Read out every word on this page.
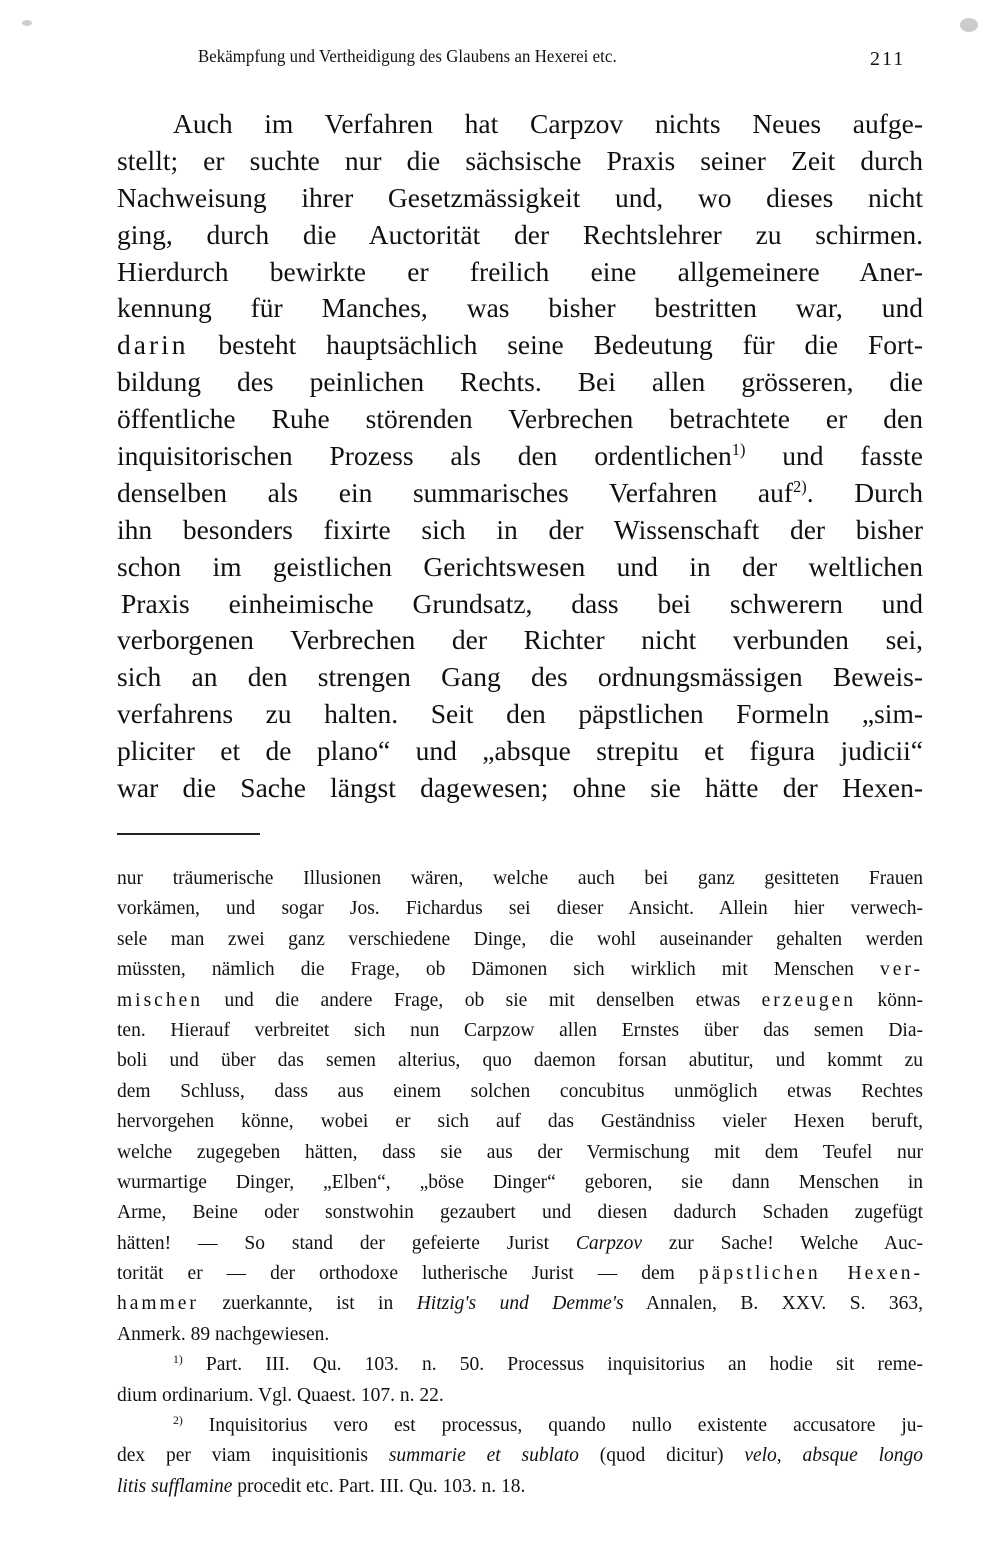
Bekämpfung und Vertheidigung des Glaubens an Hexerei etc.	211
Auch im Verfahren hat Carpzov nichts Neues aufge-
stellt; er suchte nur die sächsische Praxis seiner Zeit durch
Nachweisung ihrer Gesetzmässigkeit und, wo dieses nicht
ging, durch die Auctorität der Rechtslehrer zu schirmen.
Hierdurch bewirkte er freilich eine allgemeinere Aner-
kennung für Manches, was bisher bestritten war, und
darin besteht hauptsächlich seine Bedeutung für die Fort-
bildung des peinlichen Rechts. Bei allen grösseren, die
öffentliche Ruhe störenden Verbrechen betrachtete er den
inquisitorischen Prozess als den ordentlichen$^{1)}$ und fasste
denselben als ein summarisches Verfahren auf$^{2)}$. Durch
ihn besonders fixirte sich in der Wissenschaft der bisher
schon im geistlichen Gerichtswesen und in der weltlichen
Praxis einheimische Grundsatz, dass bei schwerern und
verborgenen Verbrechen der Richter nicht verbunden sei,
sich an den strengen Gang des ordnungsmässigen Beweis-
verfahrens zu halten. Seit den päpstlichen Formeln „sim-
pliciter et de plano“ und „absque strepitu et figura judicii“
war die Sache längst dagewesen; ohne sie hätte der Hexen-
nur träumerische Illusionen wären, welche auch bei ganz gesitteten Frauen
vorkämen, und sogar Jos. Fichardus sei dieser Ansicht. Allein hier verwech-
sele man zwei ganz verschiedene Dinge, die wohl auseinander gehalten werden
müssten, nämlich die Frage, ob Dämonen sich wirklich mit Menschen ver-
mischen und die andere Frage, ob sie mit denselben etwas erzeugen könn-
ten. Hierauf verbreitet sich nun Carpzow allen Ernstes über das semen Dia-
boli und über das semen alterius, quo daemon forsan abutitur, und kommt zu
dem Schluss, dass aus einem solchen concubitus unmöglich etwas Rechtes
hervorgehen könne, wobei er sich auf das Geständniss vieler Hexen beruft,
welche zugegeben hätten, dass sie aus der Vermischung mit dem Teufel nur
wurmartige Dinger, „Elben“, „böse Dinger“ geboren, sie dann Menschen in
Arme, Beine oder sonstwohin gezaubert und diesen dadurch Schaden zugefügt
hätten! — So stand der gefeierte Jurist Carpzov zur Sache! Welche Auc-
torität er — der orthodoxe lutherische Jurist — dem päpstlichen Hexen-
hammer zuerkannte, ist in Hitzig's und Demme's Annalen, B. XXV. S. 363,
Anmerk. 89 nachgewiesen.
$^{1)}$ Part. III. Qu. 103. n. 50. Processus inquisitorius an hodie sit reme-
dium ordinarium. Vgl. Quaest. 107. n. 22.
$^{2)}$ Inquisitorius vero est processus, quando nullo existente accusatore ju-
dex per viam inquisitionis summarie et sublato (quod dicitur) velo, absque longo
litis sufflamine procedit etc. Part. III. Qu. 103. n. 18.
